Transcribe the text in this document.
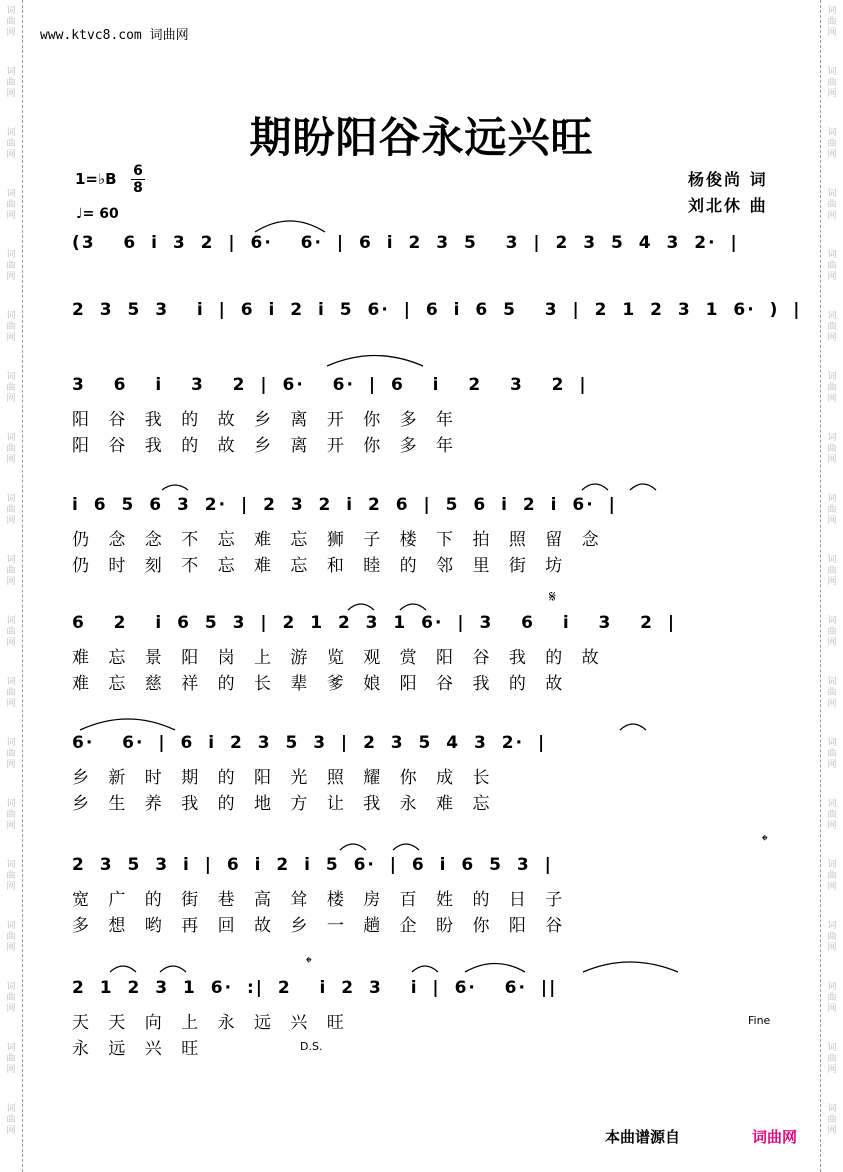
词
曲
网
词
曲
网
词
曲
网
词
曲
网
词
曲
网
词
曲
网
词
曲
网
词
曲
网
词
曲
网
词
曲
网
词
曲
网
词
曲
网
词
曲
网
词
曲
网
词
曲
网
词
曲
网
词
曲
网
词
曲
网
词
曲
网
词
曲
网
词
曲
网
词
曲
网
词
曲
网
词
曲
网
词
曲
网
词
曲
网
词
曲
网
词
曲
网
词
曲
网
词
曲
网
词
曲
网
词
曲
网
词
曲
网
词
曲
网
词
曲
网
词
曲
网
词
曲
网
词
曲
网
www.ktvc8.com 词曲网
期盼阳谷永远兴旺
1=♭B 6
8
♩= 60
杨俊尚 词
刘北休 曲
(3  6 i 3 2 | 6·  6· | 6 i 2 3 5  3 | 2 3 5 4 3 2· |
2 3 5 3  i | 6 i 2 i 5 6· | 6 i 6 5  3 | 2 1 2 3 1 6· ) |
3  6  i  3  2 | 6·  6· | 6  i  2  3  2 |
阳 谷 我 的 故 乡 离 开 你 多 年
阳 谷 我 的 故 乡 离 开 你 多 年
i 6 5 6 3 2· | 2 3 2 i 2 6 | 5 6 i 2 i 6· |
仍 念 念 不 忘 难 忘 狮 子 楼 下 拍 照 留 念
仍 时 刻 不 忘 难 忘 和 睦 的 邻 里 街 坊
6  2  i 6 5 3 | 2 1 2 3 1 6· | 3  6  i  3  2 |
难 忘 景 阳 岗 上 游 览 观 赏 阳 谷 我 的 故
难 忘 慈 祥 的 长 辈 爹 娘 阳 谷 我 的 故
6·  6· | 6 i 2 3 5 3 | 2 3 5 4 3 2· |
乡 新 时 期 的 阳 光 照 耀 你 成 长
乡 生 养 我 的 地 方 让 我 永 难 忘
2 3 5 3 i | 6 i 2 i 5 6· | 6 i 6 5 3 |
宽 广 的 街 巷 高 耸 楼 房 百 姓 的 日 子
多 想 哟 再 回 故 乡 一 趟 企 盼 你 阳 谷
2 1 2 3 1 6· :| 2  i 2 3  i | 6·  6· ||
天 天 向 上 永 远 兴 旺
永 远 兴 旺
Fine
D.S.
𝄋
𝄌
𝄌
本曲谱源自	词曲网
